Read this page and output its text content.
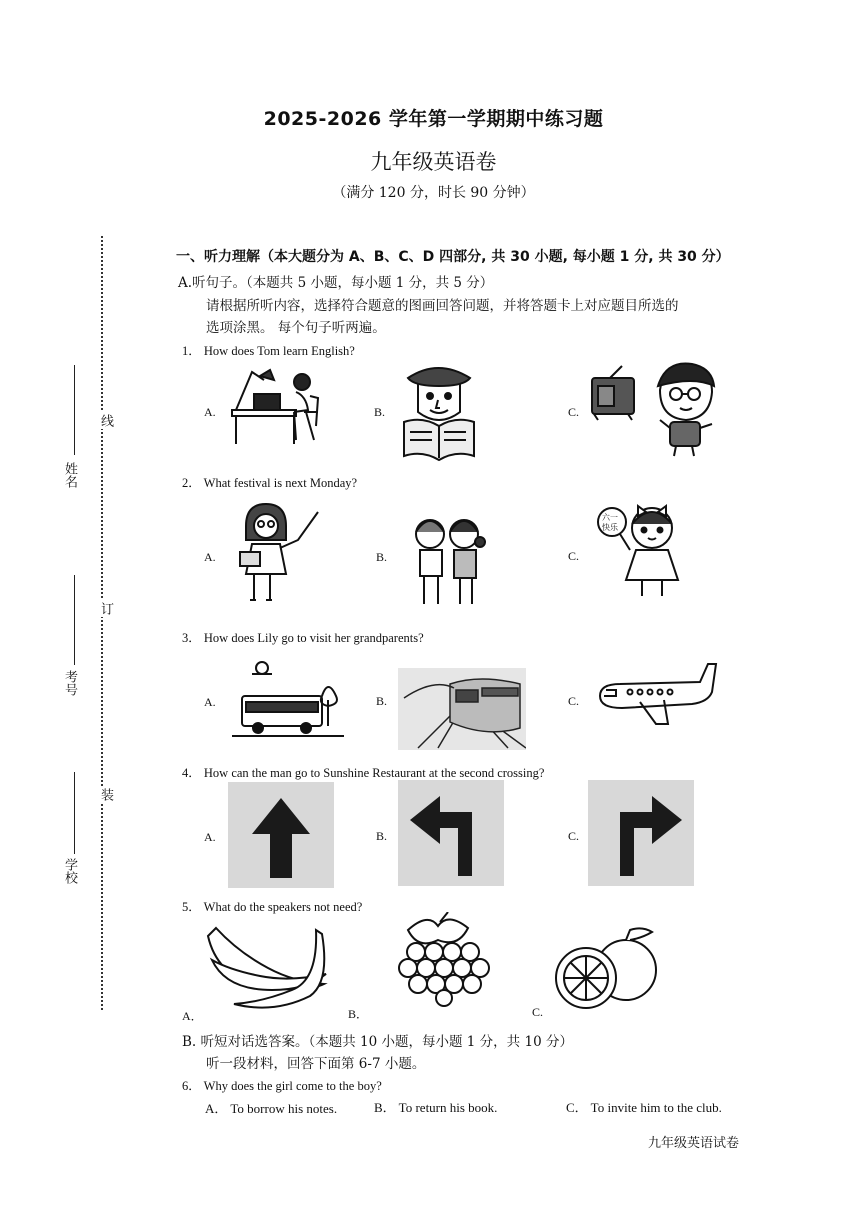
2025-2026 学年第一学期期中练习题
九年级英语卷
（满分 120 分，时长 90 分钟）
姓名
考号
学校
线
订
装
一、听力理解（本大题分为 A、B、C、D 四部分, 共 30 小题, 每小题 1 分, 共 30 分）
A.听句子。（本题共 5 小题，每小题 1 分，共 5 分）
请根据所听内容，选择符合题意的图画回答问题，并将答题卡上对应题目所选的
选项涂黑。 每个句子听两遍。
1． How does Tom learn English?
A.	B.	C.
2． What festival is next Monday?
A.	B.	C.
六一
快乐
3． How does Lily go to visit her grandparents?
A.	B.	C.
4． How can the man go to Sunshine Restaurant at the second crossing?
A.	B.	C.
5． What do the speakers not need?
A．	B．	C.
B. 听短对话选答案。（本题共 10 小题，每小题 1 分，共 10 分）
听一段材料，回答下面第 6-7 小题。
6． Why does the girl come to the boy?
A． To borrow his notes.	B． To return his book.	C． To invite him to the club.
九年级英语试卷
